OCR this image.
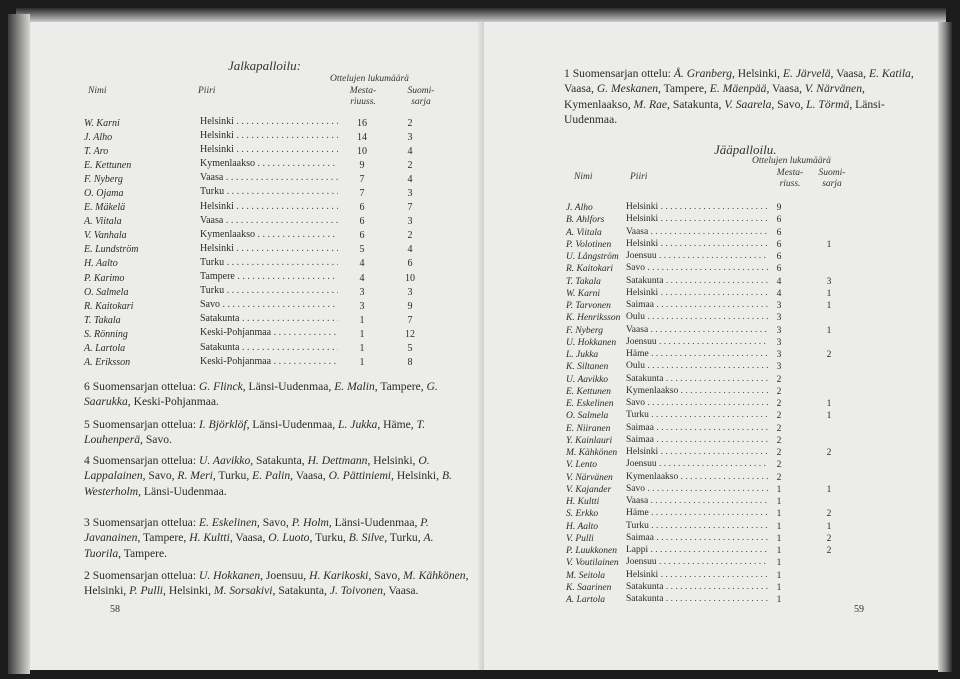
Jalkapalloilu:
Nimi	Piiri
Ottelujen lukumäärä
Mesta-
riuuss.
Suomi-
sarja
W. Karni	Helsinki . . .	16	2
J. Alho	Helsinki . . .	14	3
T. Aro	Helsinki . . .	10	4
E. Kettunen	Kymenlaakso . . .	9	2
F. Nyberg	Vaasa . . .	7	4
O. Ojama	Turku . . .	7	3
E. Mäkelä	Helsinki . . .	6	7
A. Viitala	Vaasa . . .	6	3
V. Vanhala	Kymenlaakso . . .	6	2
E. Lundström	Helsinki . . .	5	4
H. Aalto	Turku . . .	4	6
P. Karimo	Tampere . . .	4	10
O. Salmela	Turku . . .	3	3
R. Kaitokari	Savo . . .	3	9
T. Takala	Satakunta . . .	1	7
S. Rönning	Keski-Pohjanmaa . . .	1	12
A. Lartola	Satakunta . . .	1	5
A. Eriksson	Keski-Pohjanmaa . . .	1	8
6 Suomensarjan ottelua: G. Flinck, Länsi-Uudenmaa, E. Malin, Tampere, G. Saarukka, Keski-Pohjanmaa.
5 Suomensarjan ottelua: I. Björklöf, Länsi-Uudenmaa, L. Jukka, Häme, T. Louhenperä, Savo.
4 Suomensarjan ottelua: U. Aavikko, Satakunta, H. Dettmann, Helsinki, O. Lappalainen, Savo, R. Meri, Turku, E. Palin, Vaasa, O. Pättiniemi, Helsinki, B. Westerholm, Länsi-Uudenmaa.
3 Suomensarjan ottelua: E. Eskelinen, Savo, P. Holm, Länsi-Uudenmaa, P. Javanainen, Tampere, H. Kultti, Vaasa, O. Luoto, Turku, B. Silve, Turku, A. Tuorila, Tampere.
2 Suomensarjan ottelua: U. Hokkanen, Joensuu, H. Karikoski, Savo, M. Kähkönen, Helsinki, P. Pulli, Helsinki, M. Sorsakivi, Satakunta, J. Toivonen, Vaasa.
58
1 Suomensarjan ottelu: Å. Granberg, Helsinki, E. Järvelä, Vaasa, E. Katila, Vaasa, G. Meskanen, Tampere, E. Mäenpää, Vaasa, V. Närvänen, Kymenlaakso, M. Rae, Satakunta, V. Saarela, Savo, L. Törmä, Länsi-Uudenmaa.
Jääpalloilu.
Ottelujen lukumäärä
Nimi	Piiri	Mesta-
riuss.
Suomi-
sarja
J. Alho	Helsinki . . .	9	
B. Ahlfors	Helsinki . . .	6	
A. Viitala	Vaasa . . .	6	
P. Volotinen	Helsinki . . .	6	1
U. Långström	Joensuu . . .	6	
R. Kaitokari	Savo . . .	6	
T. Takala	Satakunta . . .	4	3
W. Karni	Helsinki . . .	4	1
P. Tarvonen	Saimaa . . .	3	1
K. Henriksson	Oulu . . .	3	
F. Nyberg	Vaasa . . .	3	1
U. Hokkanen	Joensuu . . .	3	
L. Jukka	Häme . . .	3	2
K. Siltanen	Oulu . . .	3	
U. Aavikko	Satakunta . . .	2	
E. Kettunen	Kymenlaakso . . .	2	
E. Eskelinen	Savo . . .	2	1
O. Salmela	Turku . . .	2	1
E. Niiranen	Saimaa . . .	2	
Y. Kainlauri	Saimaa . . .	2	
M. Kähkönen	Helsinki . . .	2	2
V. Lento	Joensuu . . .	2	
V. Närvänen	Kymenlaakso . . .	2	
V. Kajander	Savo . . .	1	1
H. Kultti	Vaasa . . .	1	
S. Erkko	Häme . . .	1	2
H. Aalto	Turku . . .	1	1
V. Pulli	Saimaa . . .	1	2
P. Luukkonen	Lappi . . .	1	2
V. Voutilainen	Joensuu . . .	1	
M. Seitola	Helsinki . . .	1	
K. Saarinen	Satakunta . . .	1	
A. Lartola	Satakunta . . .	1	
59
